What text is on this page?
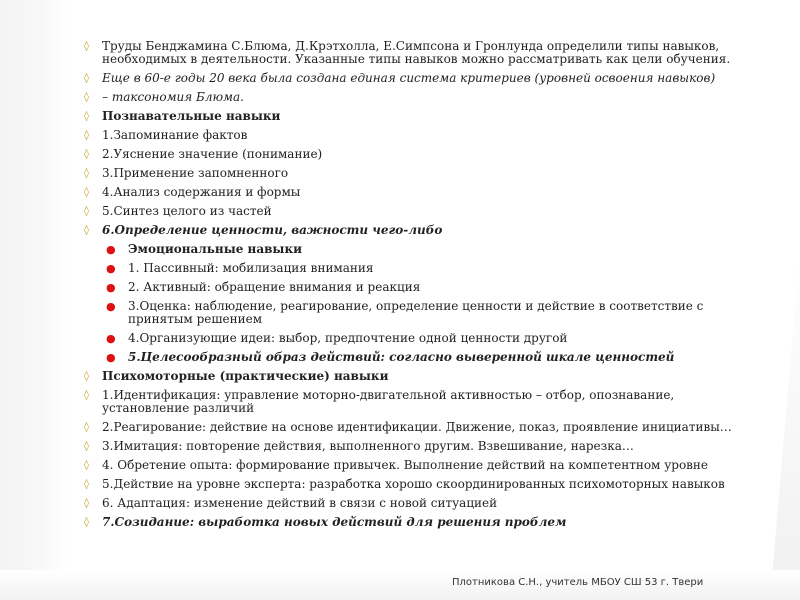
◊ Труды Бенджамина С.Блюма, Д.Крэтхолла, Е.Симпсона и Гронлунда определили типы навыков, необходимых в деятельности. Указанные типы навыков можно рассматривать как цели обучения.
◊ Еще в 60-е годы 20 века была создана единая система критериев (уровней освоения навыков)
◊ – таксономия Блюма.
◊ Познавательные навыки
◊ 1.Запоминание фактов
◊ 2.Уяснение значение (понимание)
◊ 3.Применение запомненного
◊ 4.Анализ содержания и формы
◊ 5.Синтез целого из частей
◊ 6.Определение ценности, важности чего-либо
● Эмоциональные навыки
● 1. Пассивный: мобилизация внимания
● 2. Активный: обращение внимания и реакция
● 3.Оценка: наблюдение, реагирование, определение ценности и действие в соответствие с принятым решением
● 4.Организующие идеи: выбор, предпочтение одной ценности другой
● 5.Целесообразный образ действий: согласно выверенной шкале ценностей
◊ Психомоторные (практические) навыки
◊ 1.Идентификация: управление моторно-двигательной активностью – отбор, опознавание, установление различий
◊ 2.Реагирование: действие на основе идентификации. Движение, показ, проявление инициативы…
◊ 3.Имитация: повторение действия, выполненного другим. Взвешивание, нарезка…
◊ 4. Обретение опыта: формирование привычек. Выполнение действий на компетентном уровне
◊ 5.Действие на уровне эксперта: разработка хорошо скоординированных психомоторных навыков
◊ 6. Адаптация: изменение действий в связи с новой ситуацией
◊ 7.Созидание: выработка новых действий для решения проблем
Плотникова С.Н., учитель МБОУ СШ 53 г. Твери
